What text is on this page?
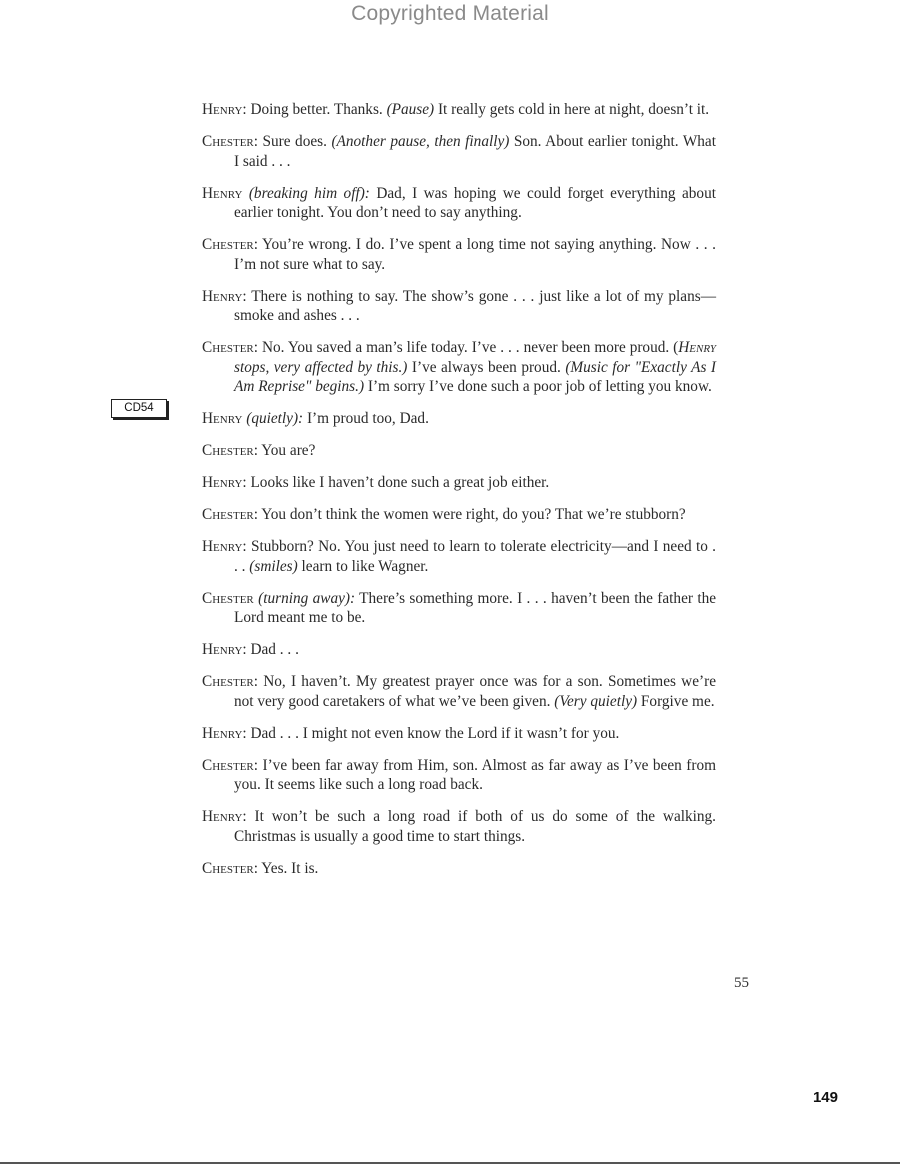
Copyrighted Material
CD54

Henry: Doing better. Thanks. (Pause) It really gets cold in here at night, doesn’t it.

Chester: Sure does. (Another pause, then finally) Son. About earlier tonight. What I said . . .

Henry (breaking him off): Dad, I was hoping we could forget everything about earlier tonight. You don’t need to say anything.

Chester: You’re wrong. I do. I’ve spent a long time not saying anything. Now . . . I’m not sure what to say.

Henry: There is nothing to say. The show’s gone . . . just like a lot of my plans—smoke and ashes . . .

Chester: No. You saved a man’s life today. I’ve . . . never been more proud. (Henry stops, very affected by this.) I’ve always been proud. (Music for "Exactly As I Am Reprise" begins.) I’m sorry I’ve done such a poor job of letting you know.

Henry (quietly): I’m proud too, Dad.

Chester: You are?

Henry: Looks like I haven’t done such a great job either.

Chester: You don’t think the women were right, do you? That we’re stubborn?

Henry: Stubborn? No. You just need to learn to tolerate electricity—and I need to . . . (smiles) learn to like Wagner.

Chester (turning away): There’s something more. I . . . haven’t been the father the Lord meant me to be.

Henry: Dad . . .

Chester: No, I haven’t. My greatest prayer once was for a son. Sometimes we’re not very good caretakers of what we’ve been given. (Very quietly) Forgive me.

Henry: Dad . . . I might not even know the Lord if it wasn’t for you.

Chester: I’ve been far away from Him, son. Almost as far away as I’ve been from you. It seems like such a long road back.

Henry: It won’t be such a long road if both of us do some of the walking. Christmas is usually a good time to start things.

Chester: Yes. It is.

55
149
